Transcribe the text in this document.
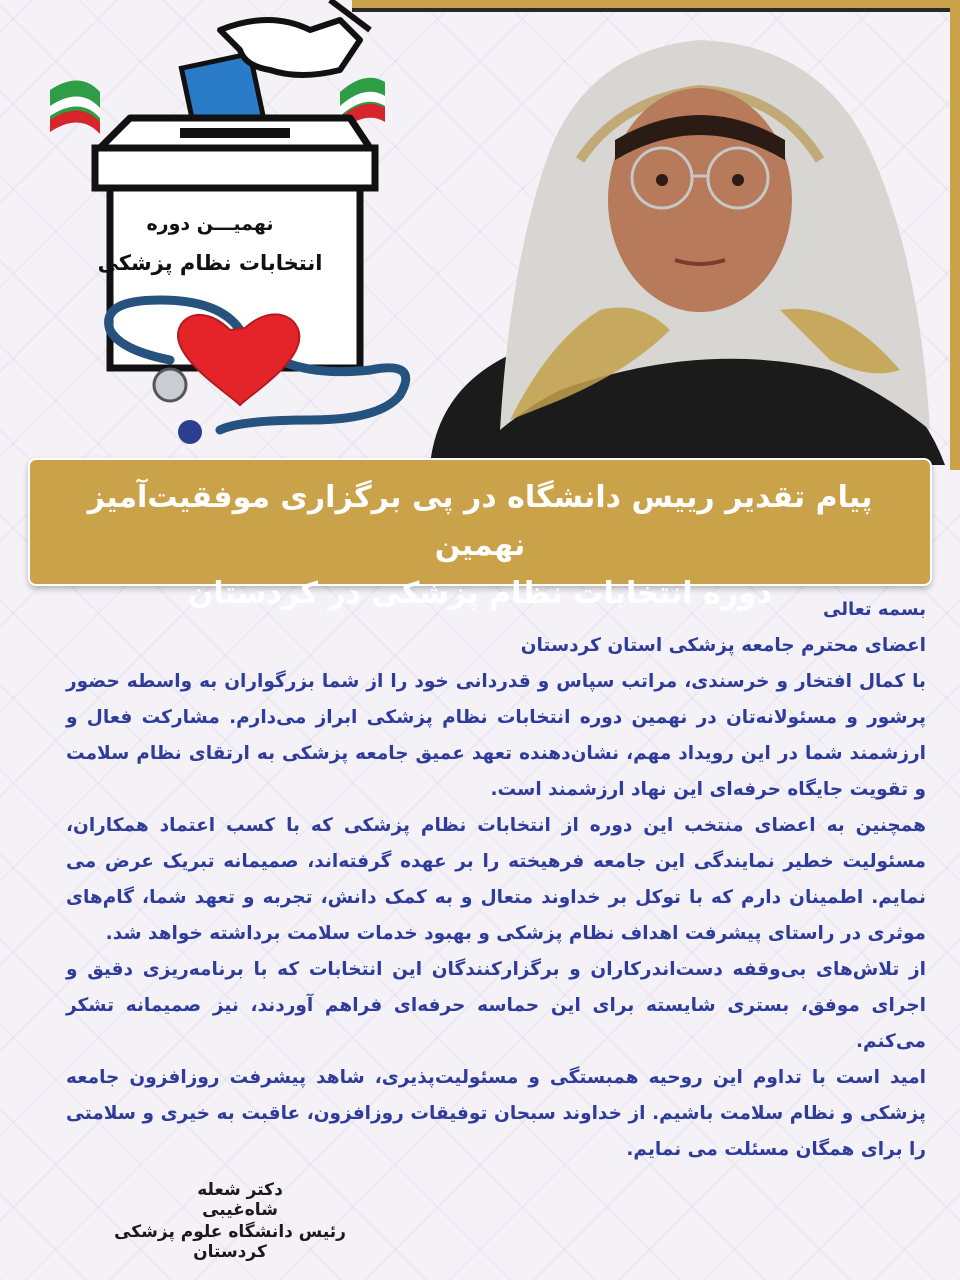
نهمیـــن دوره
انتخابات نظام پزشکی
پیام تقدیر رییس دانشگاه در پی برگزاری موفقیت‌آمیز نهمین
دوره انتخابات نظام پزشکی در کردستان	بسمه تعالی

اعضای محترم جامعه پزشکی استان کردستان

با کمال افتخار و خرسندی، مراتب سپاس و قدردانی خود را از شما بزرگواران به واسطه حضور پرشور و مسئولانه‌تان در نهمین دوره انتخابات نظام پزشکی ابراز می‌دارم. مشارکت فعال و ارزشمند شما در این رویداد مهم، نشان‌دهنده تعهد عمیق جامعه پزشکی به ارتقای نظام سلامت و تقویت جایگاه حرفه‌ای این نهاد ارزشمند است.

همچنین به اعضای منتخب این دوره از انتخابات نظام پزشکی که با کسب اعتماد همکاران، مسئولیت خطیر نمایندگی این جامعه فرهیخته را بر عهده گرفته‌اند، صمیمانه تبریک عرض می نمایم. اطمینان دارم که با توکل بر خداوند متعال و به کمک دانش، تجربه و تعهد شما، گام‌های موثری در راستای پیشرفت اهداف نظام پزشکی و بهبود خدمات سلامت برداشته خواهد شد.

از تلاش‌های بی‌وقفه دست‌اندرکاران و برگزارکنندگان این انتخابات که با برنامه‌ریزی دقیق و اجرای موفق، بستری شایسته برای این حماسه حرفه‌ای فراهم آوردند، نیز صمیمانه تشکر می‌کنم.

امید است با تداوم این روحیه همبستگی و مسئولیت‌پذیری، شاهد پیشرفت روزافزون جامعه پزشکی و نظام سلامت باشیم. از خداوند سبحان توفیقات روزافزون، عاقبت به خیری و سلامتی را برای همگان مسئلت می نمایم.

دکتر شعله شاه‌غیبی
رئیس دانشگاه علوم پزشکی کردستان
